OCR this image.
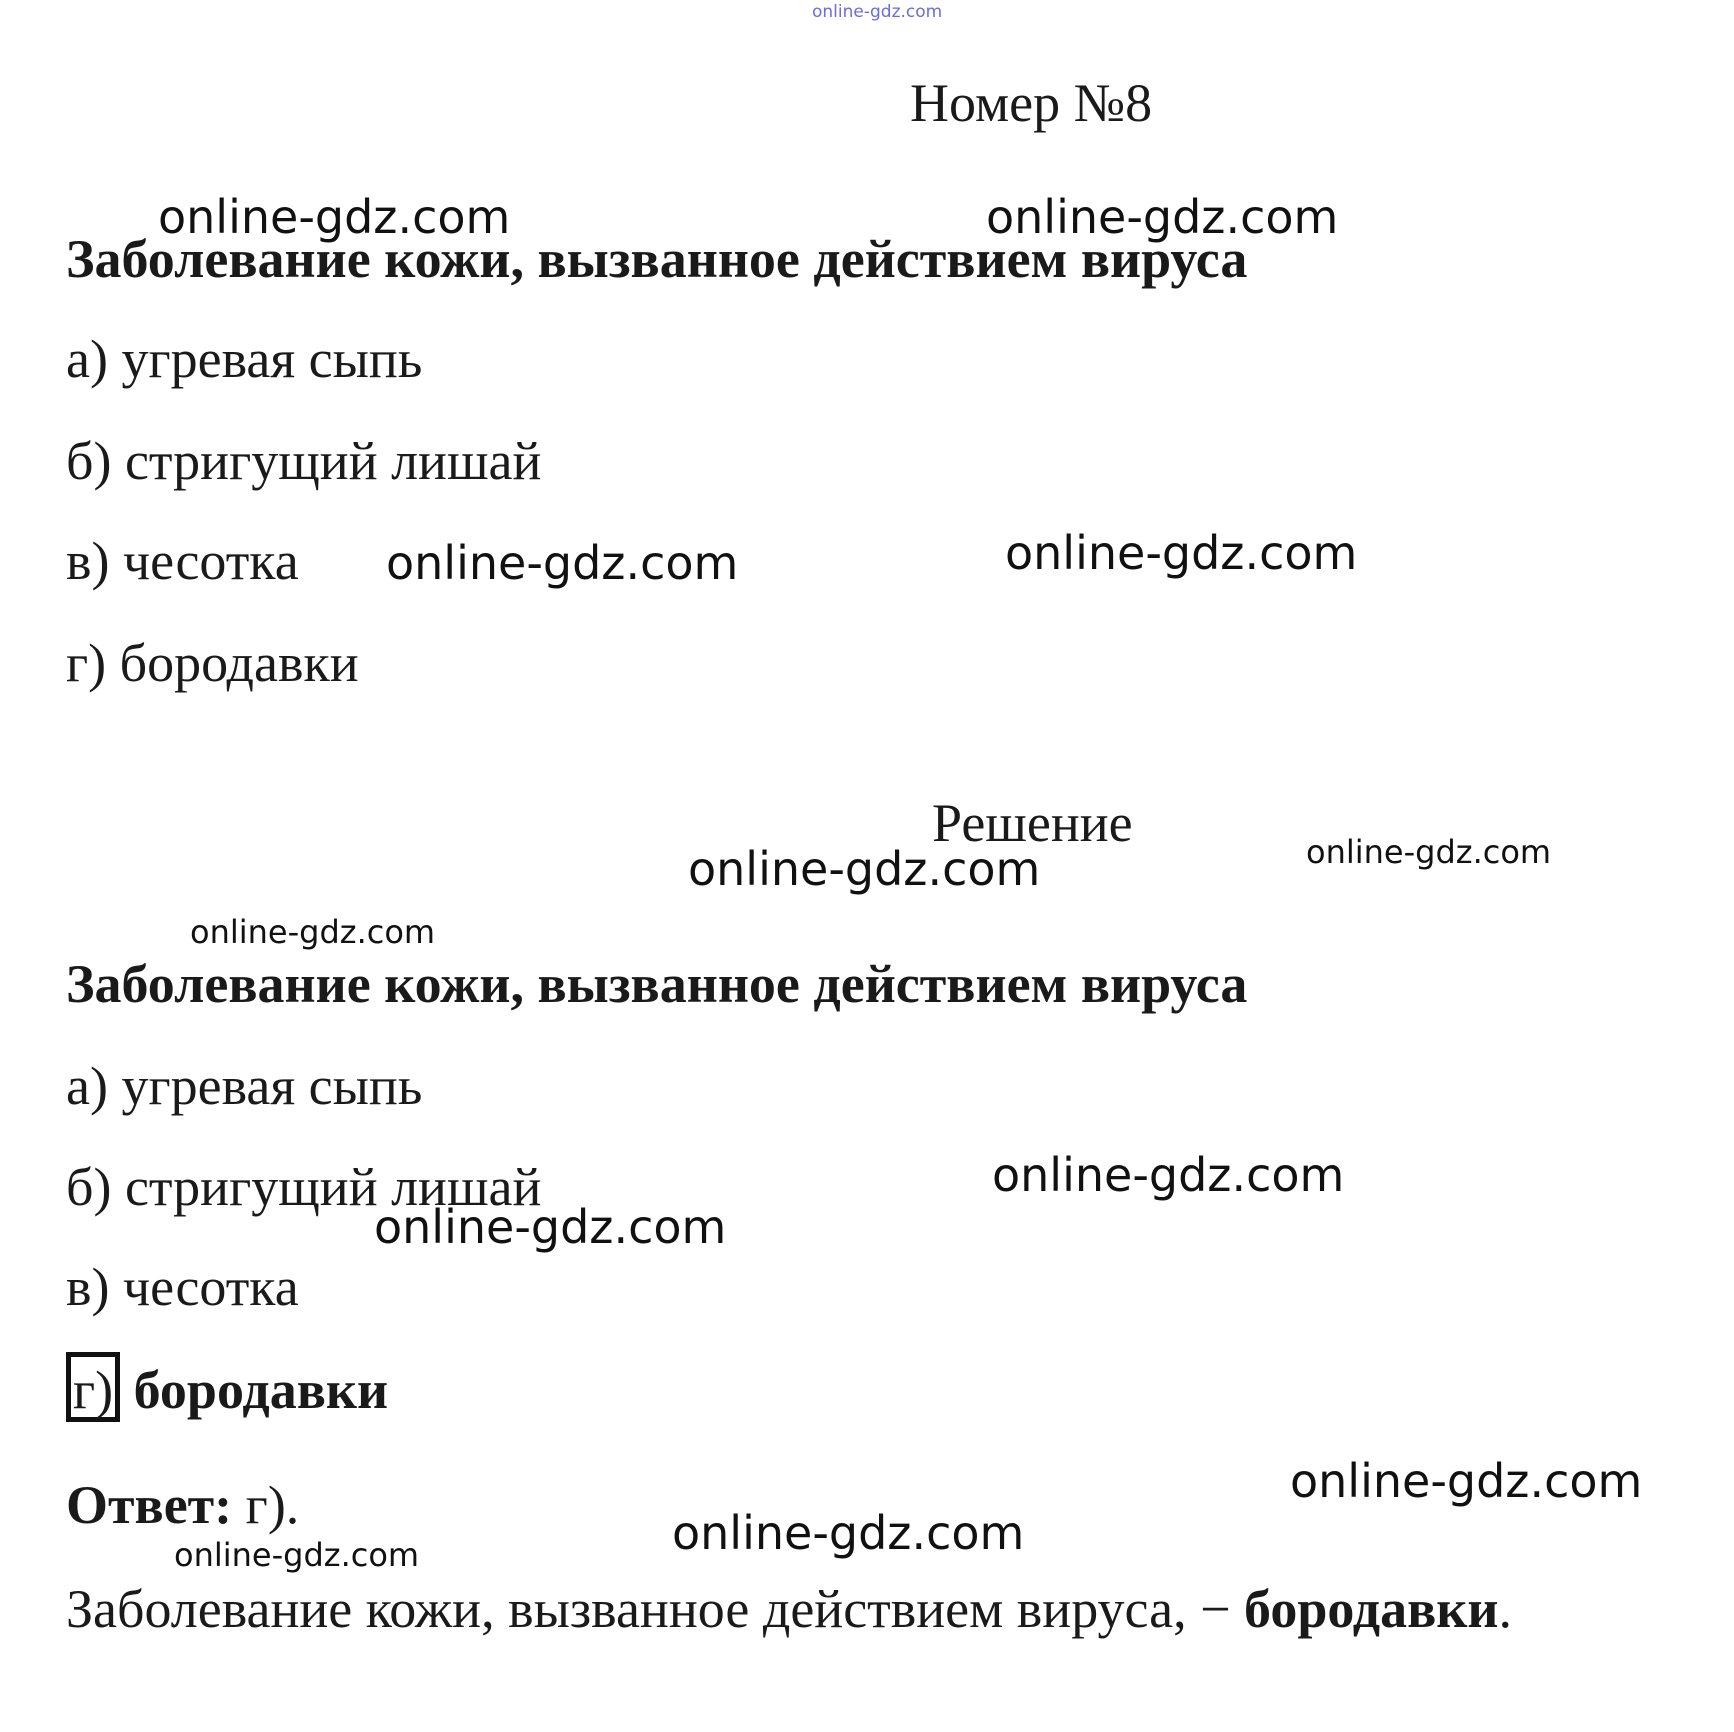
online-gdz.com
Номер №8
online-gdz.com	online-gdz.com
Заболевание кожи, вызванное действием вируса
а) угревая сыпь
б) стригущий лишай
в) чесотка online-gdz.com	online-gdz.com
г) бородавки
Решение
online-gdz.com	online-gdz.com
online-gdz.com
Заболевание кожи, вызванное действием вируса
а) угревая сыпь
б) стригущий лишай	online-gdz.com
online-gdz.com
в) чесотка
г) бородавки
online-gdz.com
Ответ: г).	online-gdz.com
online-gdz.com
Заболевание кожи, вызванное действием вируса, − бородавки.
